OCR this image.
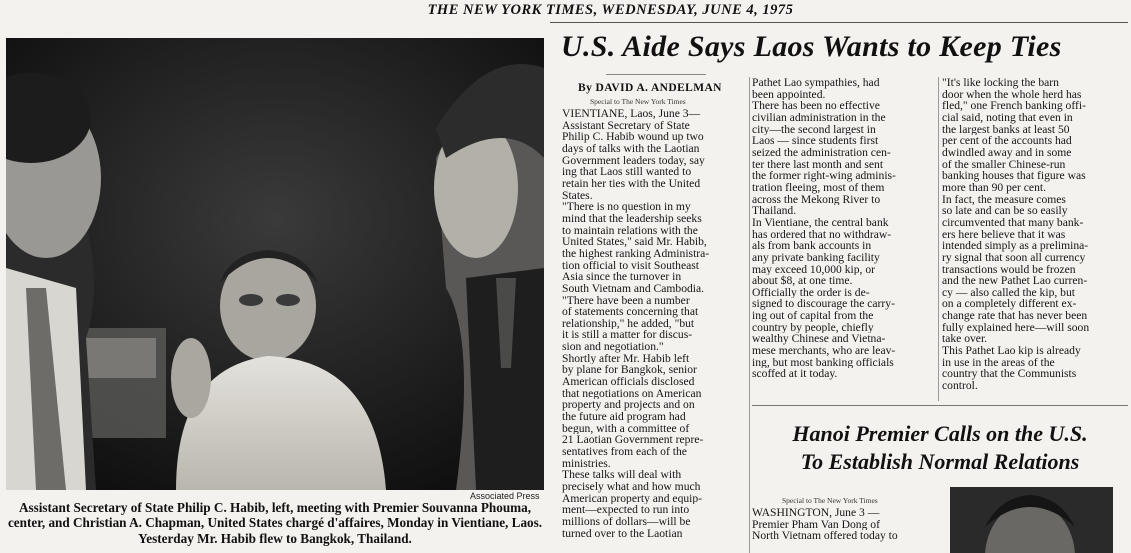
THE NEW YORK TIMES, WEDNESDAY, JUNE 4, 1975
Associated Press
Assistant Secretary of State Philip C. Habib, left, meeting with Premier Souvanna Phouma, center, and Christian A. Chapman, United States chargé d'affaires, Monday in Vientiane, Laos. Yesterday Mr. Habib flew to Bangkok, Thailand.
U.S. Aide Says Laos Wants to Keep Ties
By DAVID A. ANDELMAN
Special to The New York Times
VIENTIANE, Laos, June 3—
Assistant Secretary of State
Philip C. Habib wound up two
days of talks with the Laotian
Government leaders today, say
ing that Laos still wanted to
retain her ties with the United
States.
"There is no question in my
mind that the leadership seeks
to maintain relations with the
United States," said Mr. Habib,
the highest ranking Administra-
tion official to visit Southeast
Asia since the turnover in
South Vietnam and Cambodia.
"There have been a number
of statements concerning that
relationship," he added, "but
it is still a matter for discus-
sion and negotiation."
Shortly after Mr. Habib left
by plane for Bangkok, senior
American officials disclosed
that negotiations on American
property and projects and on
the future aid program had
begun, with a committee of
21 Laotian Government repre-
sentatives from each of the
ministries.
These talks will deal with
precisely what and how much
American property and equip-
ment—expected to run into
millions of dollars—will be
turned over to the Laotian
Pathet Lao sympathies, had
been appointed.
There has been no effective
civilian administration in the
city—the second largest in
Laos — since students first
seized the administration cen-
ter there last month and sent
the former right-wing adminis-
tration fleeing, most of them
across the Mekong River to
Thailand.
In Vientiane, the central bank
has ordered that no withdraw-
als from bank accounts in
any private banking facility
may exceed 10,000 kip, or
about $8, at one time.
Officially the order is de-
signed to discourage the carry-
ing out of capital from the
country by people, chiefly
wealthy Chinese and Vietna-
mese merchants, who are leav-
ing, but most banking officials
scoffed at it today.
"It's like locking the barn
door when the whole herd has
fled," one French banking offi-
cial said, noting that even in
the largest banks at least 50
per cent of the accounts had
dwindled away and in some
of the smaller Chinese-run
banking houses that figure was
more than 90 per cent.
In fact, the measure comes
so late and can be so easily
circumvented that many bank-
ers here believe that it was
intended simply as a prelimina-
ry signal that soon all currency
transactions would be frozen
and the new Pathet Lao curren-
cy — also called the kip, but
on a completely different ex-
change rate that has never been
fully explained here—will soon
take over.
This Pathet Lao kip is already
in use in the areas of the
country that the Communists
control.
Hanoi Premier Calls on the U.S.
To Establish Normal Relations
Special to The New York Times
WASHINGTON, June 3 —
Premier Pham Van Dong of
North Vietnam offered today to
